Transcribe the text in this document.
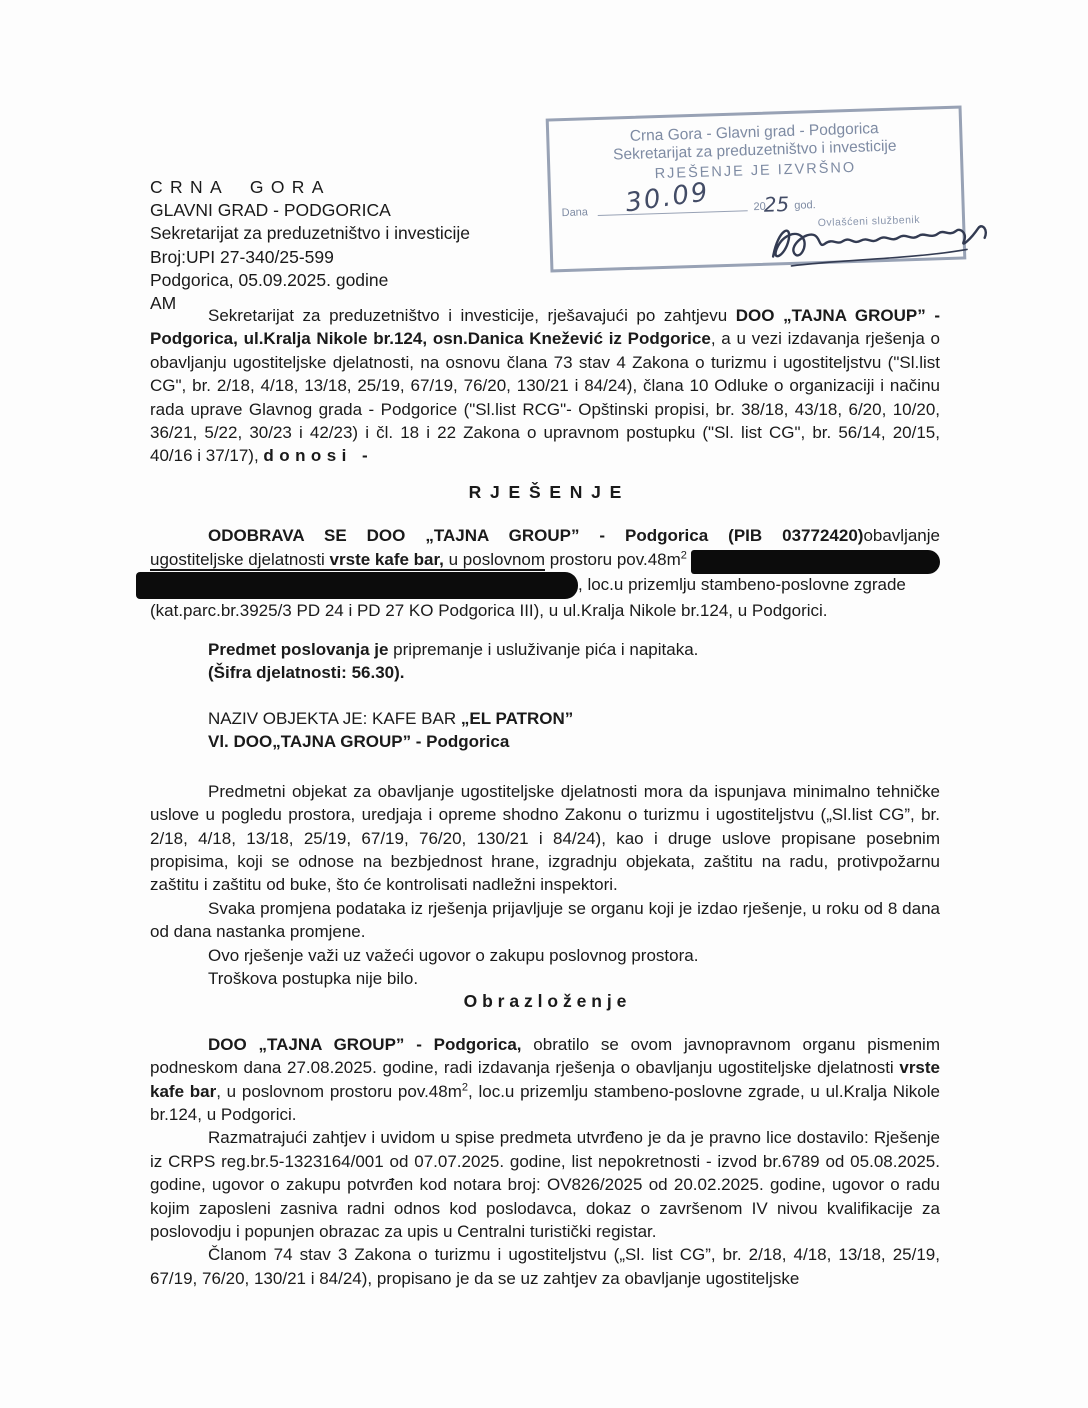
Crna Gora - Glavni grad - Podgorica
Sekretarijat za preduzetništvo i investicije
RJEŠENJE JE IZVRŠNO
Dana 30.09	2025 god.
Ovlašćeni službenik
CRNA GORA
GLAVNI GRAD - PODGORICA
Sekretarijat za preduzetništvo i investicije
Broj:UPI 27-340/25-599
Podgorica, 05.09.2025. godine
AM

Sekretarijat za preduzetništvo i investicije, rješavajući po zahtjevu DOO „TAJNA GROUP” - Podgorica, ul.Kralja Nikole br.124, osn.Danica Knežević iz Podgorice, a u vezi izdavanja rješenja o obavljanju ugostiteljske djelatnosti, na osnovu člana 73 stav 4 Zakona o turizmu i ugostiteljstvu ("Sl.list CG", br. 2/18, 4/18, 13/18, 25/19, 67/19, 76/20, 130/21 i 84/24), člana 10 Odluke o organizaciji i načinu rada uprave Glavnog grada - Podgorice ("Sl.list RCG"- Opštinski propisi, br. 38/18, 43/18, 6/20, 10/20, 36/21, 5/22, 30/23 i 42/23) i čl. 18 i 22 Zakona o upravnom postupku ("Sl. list CG", br. 56/14, 20/15, 40/16 i 37/17), donosi -

RJEŠENJE
ODOBRAVA SE DOO „TAJNA GROUP” - Podgorica (PIB 03772420)obavljanje
ugostiteljske djelatnosti vrste kafe bar, u poslovnom prostoru $pov.48m^2$
, loc.u prizemlju stambeno-poslovne zgrade
(kat.parc.br.3925/3 PD 24 i PD 27 KO Podgorica III), u ul.Kralja Nikole br.124, u Podgorici.
Predmet poslovanja je pripremanje i usluživanje pića i napitaka.
(Šifra djelatnosti: 56.30).
NAZIV OBJEKTA JE: KAFE BAR „EL PATRON”
Vl. DOO„TAJNA GROUP” - Podgorica

Predmetni objekat za obavljanje ugostiteljske djelatnosti mora da ispunjava minimalno tehničke uslove u pogledu prostora, uredjaja i opreme shodno Zakonu o turizmu i ugostiteljstvu („Sl.list CG”, br. 2/18, 4/18, 13/18, 25/19, 67/19, 76/20, 130/21 i 84/24), kao i druge uslove propisane posebnim propisima, koji se odnose na bezbjednost hrane, izgradnju objekata, zaštitu na radu, protivpožarnu zaštitu i zaštitu od buke, što će kontrolisati nadležni inspektori.

Svaka promjena podataka iz rješenja prijavljuje se organu koji je izdao rješenje, u roku od 8 dana od dana nastanka promjene.

Ovo rješenje važi uz važeći ugovor o zakupu poslovnog prostora.

Troškova postupka nije bilo.

Obrazloženje

DOO „TAJNA GROUP” - Podgorica, obratilo se ovom javnopravnom organu pismenim podneskom dana 27.08.2025. godine, radi izdavanja rješenja o obavljanju ugostiteljske djelatnosti vrste kafe bar, u poslovnom prostoru $pov.48m^2$, loc.u prizemlju stambeno-poslovne zgrade, u ul.Kralja Nikole br.124, u Podgorici.

Razmatrajući zahtjev i uvidom u spise predmeta utvrđeno je da je pravno lice dostavilo: Rješenje iz CRPS reg.br.5-1323164/001 od 07.07.2025. godine, list nepokretnosti - izvod br.6789 od 05.08.2025. godine, ugovor o zakupu potvrđen kod notara broj: OV826/2025 od 20.02.2025. godine, ugovor o radu kojim zaposleni zasniva radni odnos kod poslodavca, dokaz o završenom IV nivou kvalifikacije za poslovodju i popunjen obrazac za upis u Centralni turistički registar.

Članom 74 stav 3 Zakona o turizmu i ugostiteljstvu („Sl. list CG”, br. 2/18, 4/18, 13/18, 25/19, 67/19, 76/20, 130/21 i 84/24), propisano je da se uz zahtjev za obavljanje ugostiteljske
